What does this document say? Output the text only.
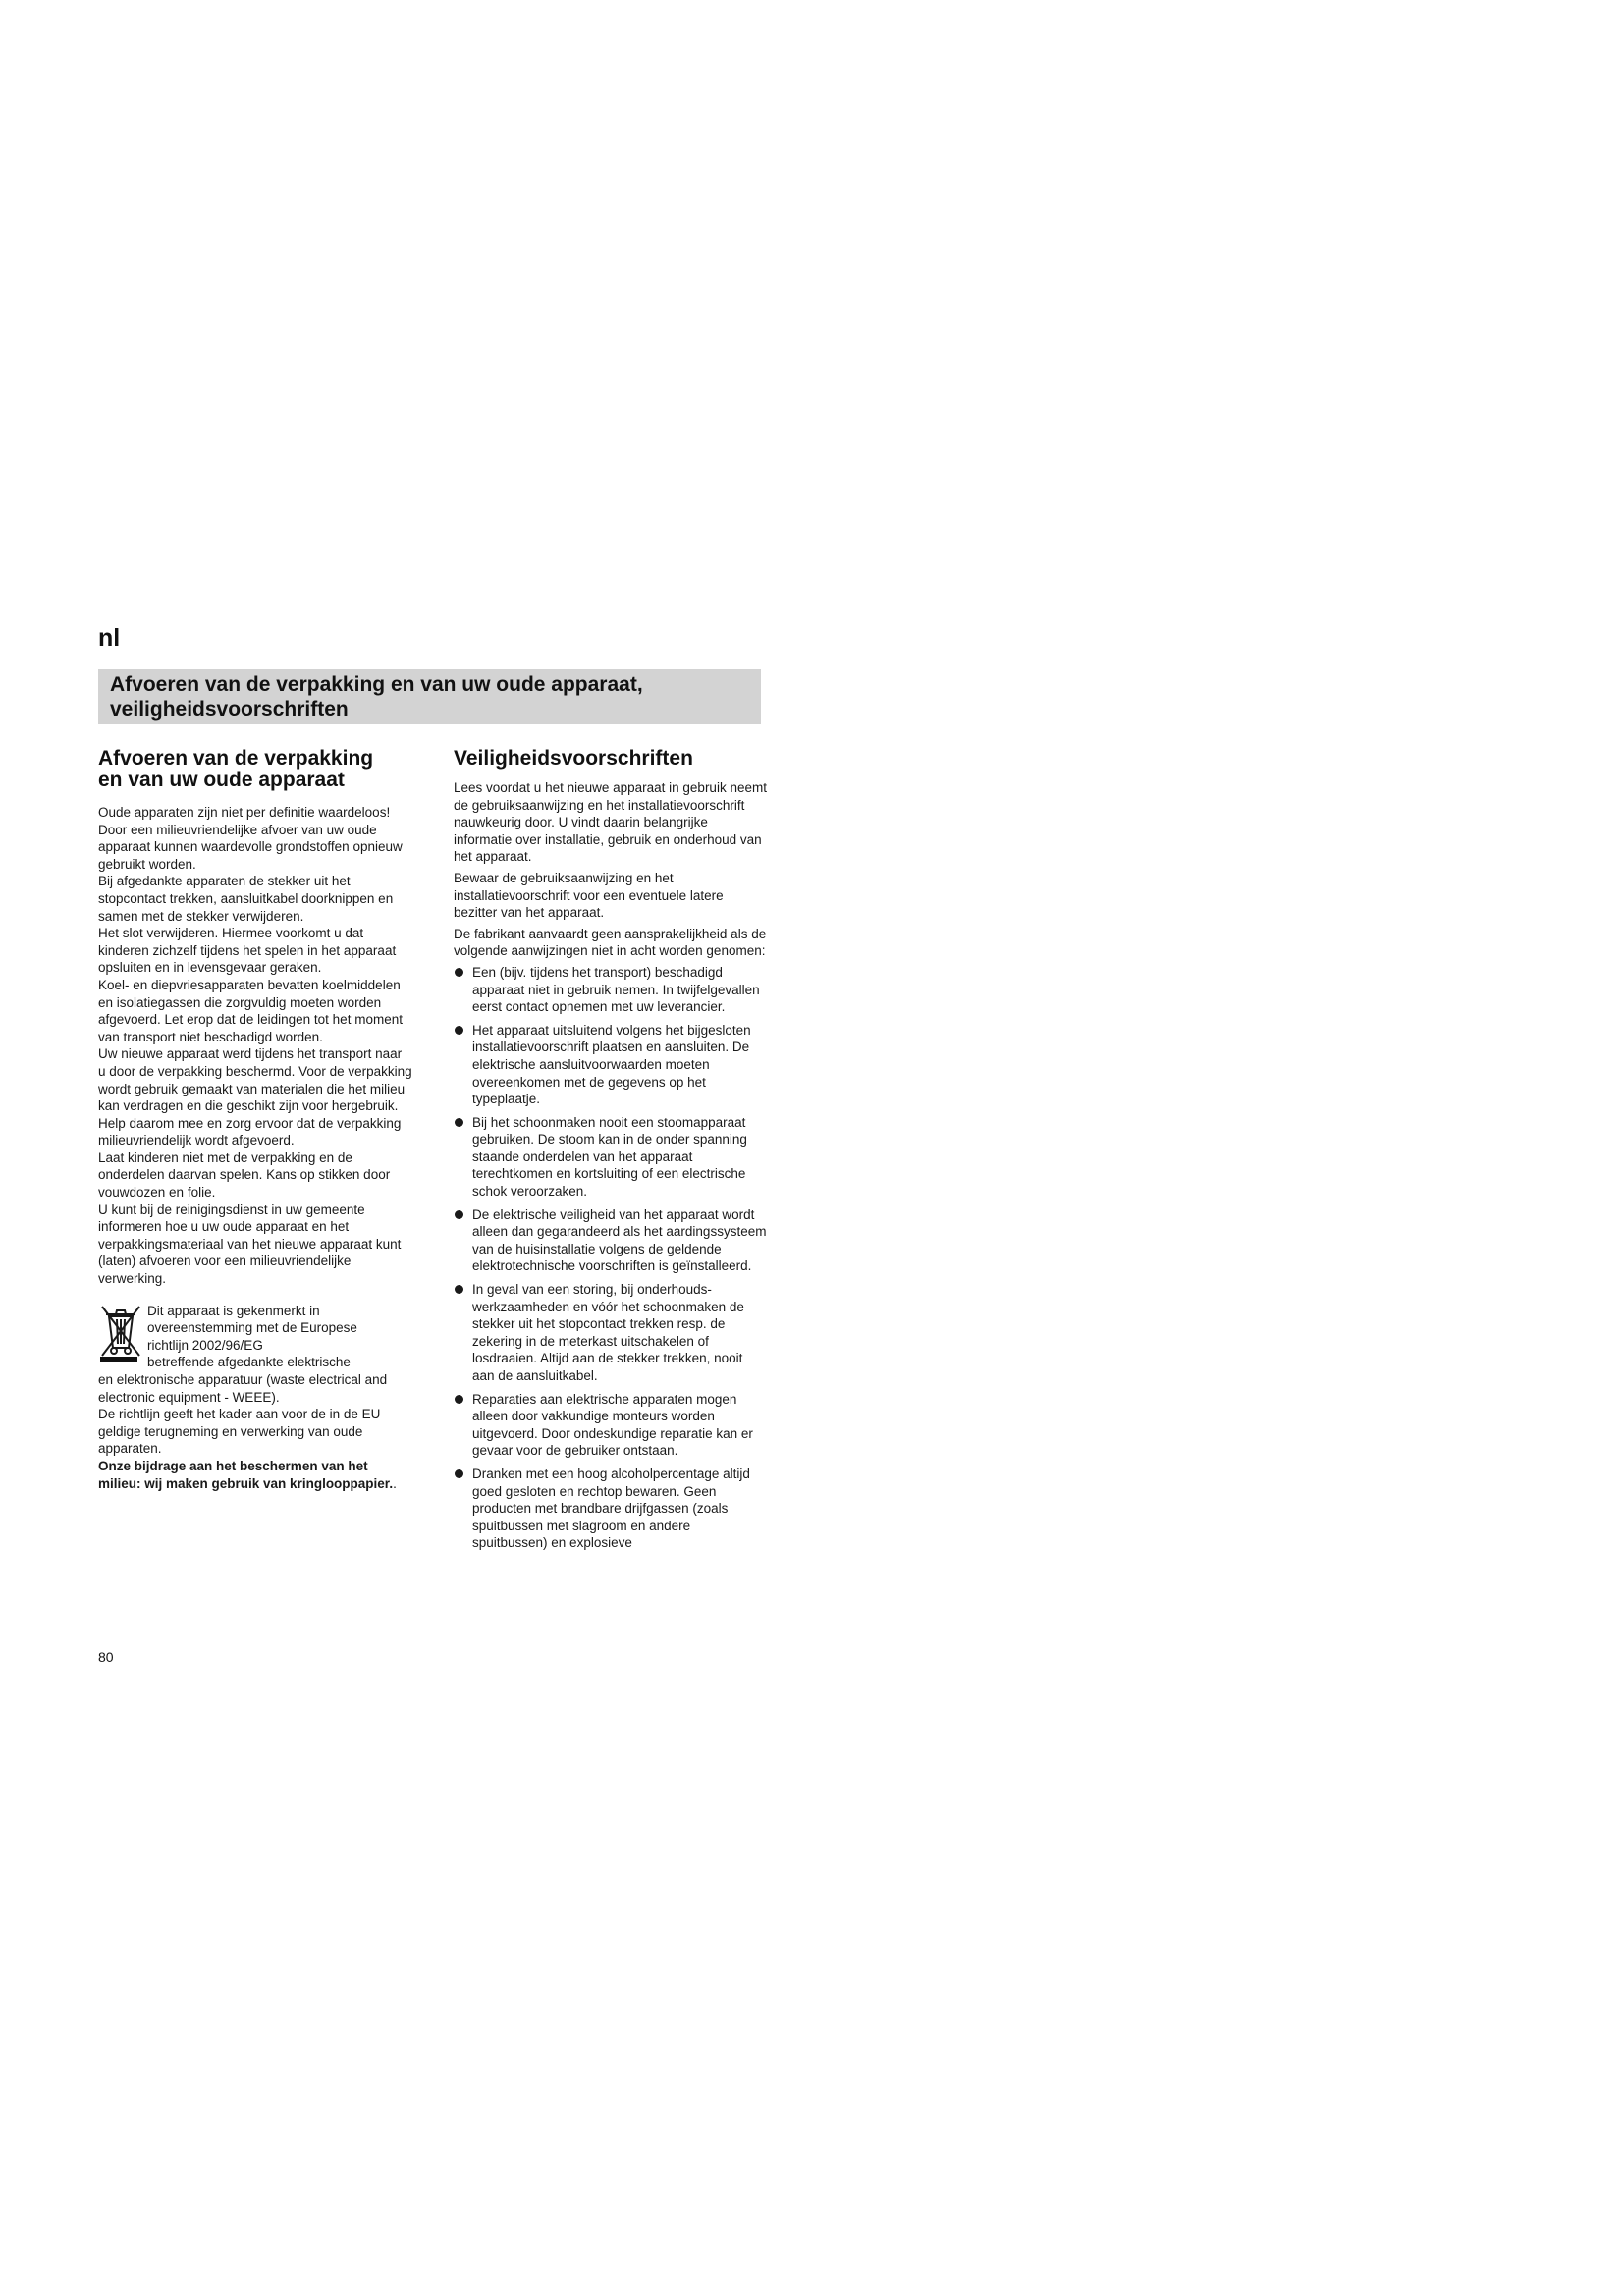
nl
Afvoeren van de verpakking en van uw oude apparaat,
veiligheidsvoorschriften
Afvoeren van de verpakking
en van uw oude apparaat

Oude apparaten zijn niet per definitie waardeloos! Door een milieuvriendelijke afvoer van uw oude apparaat kunnen waardevolle grondstoffen opnieuw gebruikt worden.

Bij afgedankte apparaten de stekker uit het stopcontact trekken, aansluitkabel doorknippen en samen met de stekker verwijderen.

Het slot verwijderen. Hiermee voorkomt u dat kinderen zichzelf tijdens het spelen in het apparaat opsluiten en in levensgevaar geraken.

Koel- en diepvriesapparaten bevatten koelmiddelen en isolatiegassen die zorgvuldig moeten worden afgevoerd. Let erop dat de leidingen tot het moment van transport niet beschadigd worden.

Uw nieuwe apparaat werd tijdens het transport naar u door de verpakking beschermd. Voor de verpakking wordt gebruik gemaakt van materialen die het milieu kan verdragen en die geschikt zijn voor hergebruik. Help daarom mee en zorg ervoor dat de verpakking milieuvriendelijk wordt afgevoerd.

Laat kinderen niet met de verpakking en de onderdelen daarvan spelen. Kans op stikken door vouwdozen en folie.

U kunt bij de reinigingsdienst in uw gemeente informeren hoe u uw oude apparaat en het verpakkingsmateriaal van het nieuwe apparaat kunt (laten) afvoeren voor een milieuvriendelijke verwerking.

Dit apparaat is gekenmerkt in

overeenstemming met de Europese

richtlijn 2002/96/EG

betreffende afgedankte elektrische

en elektronische apparatuur (waste electrical and electronic equipment - WEEE).

De richtlijn geeft het kader aan voor de in de EU geldige terugneming en verwerking van oude apparaten.

Onze bijdrage aan het beschermen van het milieu: wij maken gebruik van kringlooppapier..

Veiligheidsvoorschriften

Lees voordat u het nieuwe apparaat in gebruik neemt de gebruiksaanwijzing en het installatievoorschrift nauwkeurig door. U vindt daarin belangrijke informatie over installatie, gebruik en onderhoud van het apparaat.

Bewaar de gebruiksaanwijzing en het installatievoorschrift voor een eventuele latere bezitter van het apparaat.

De fabrikant aanvaardt geen aansprakelijkheid als de volgende aanwijzingen niet in acht worden genomen:

Een (bijv. tijdens het transport) beschadigd apparaat niet in gebruik nemen. In twijfelgevallen eerst contact opnemen met uw leverancier.

Het apparaat uitsluitend volgens het bijgesloten installatievoorschrift plaatsen en aansluiten. De elektrische aansluitvoorwaarden moeten overeenkomen met de gegevens op het typeplaatje.

Bij het schoonmaken nooit een stoomapparaat gebruiken. De stoom kan in de onder spanning staande onderdelen van het apparaat terechtkomen en kortsluiting of een electrische schok veroorzaken.

De elektrische veiligheid van het apparaat wordt alleen dan gegarandeerd als het aardingssysteem van de huisinstallatie volgens de geldende elektrotechnische voorschriften is geïnstalleerd.

In geval van een storing, bij onderhoudswerkzaamheden en vóór het schoonmaken de stekker uit het stopcontact trekken resp. de zekering in de meterkast uitschakelen of losdraaien. Altijd aan de stekker trekken, nooit aan de aansluitkabel.

Reparaties aan elektrische apparaten mogen alleen door vakkundige monteurs worden uitgevoerd. Door ondeskundige reparatie kan er gevaar voor de gebruiker ontstaan.

Dranken met een hoog alcoholpercentage altijd goed gesloten en rechtop bewaren. Geen producten met brandbare drijfgassen (zoals spuitbussen met slagroom en andere spuitbussen) en explosieve

80
